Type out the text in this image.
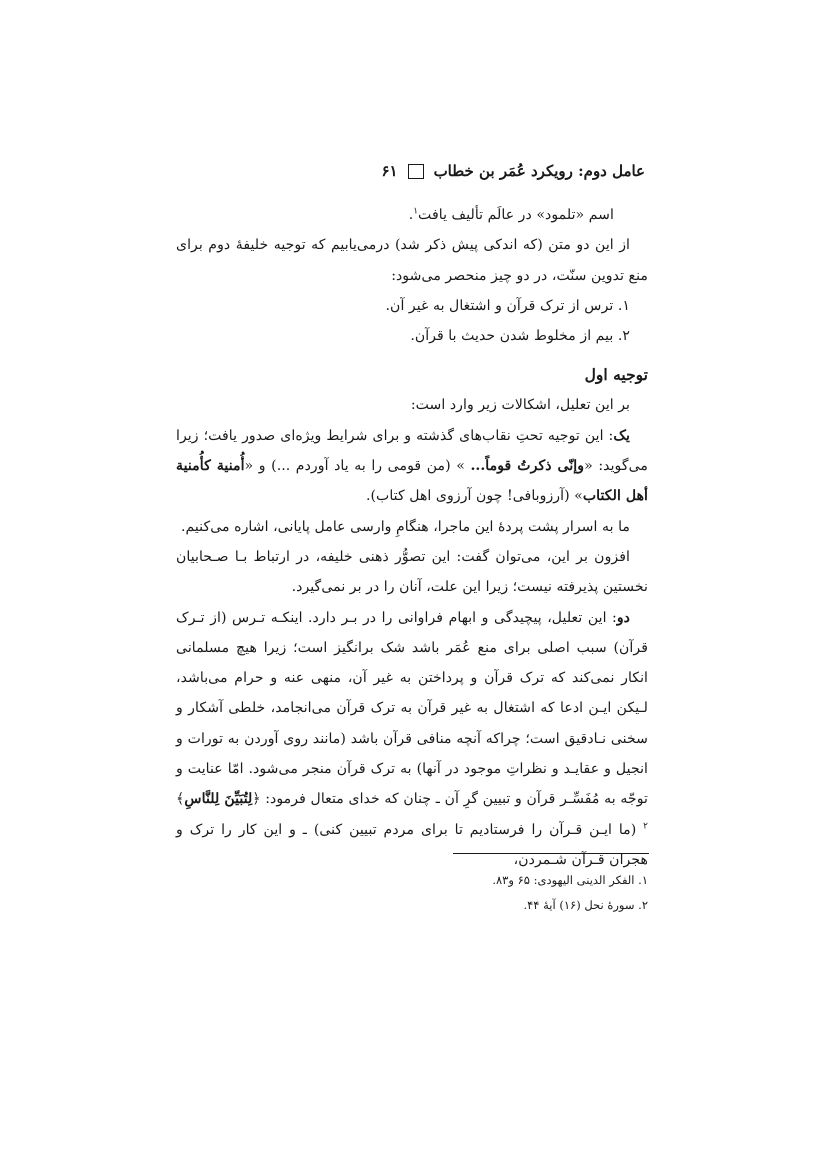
عامل دوم: رویکرد عُمَر بن خطاب
۶۱

اسم «تلمود» در عالَم تألیف یافت$^۱$.

از این دو متن (که اندکی پیش ذکر شد) درمی‌یابیم که توجیه خلیفهٔ دوم برای منع تدوین سنّت، در دو چیز منحصر می‌شود:

۱. ترس از ترک قرآن و اشتغال به غیر آن.

۲. بیم از مخلوط شدن حدیث با قرآن.

توجیه اول

بر این تعلیل، اشکالات زیر وارد است:

یک: این توجیه تحتِ نقاب‌های گذشته و برای شرایط ویژه‌ای صدور یافت؛ زیرا می‌گوید: «وإنّی ذکرتُ قوماً... » (من قومی را به یاد آوردم ...) و «أُمنیة کأُمنیة أهل الکتاب» (آرزوبافی! چون آرزوی اهل کتاب).

ما به اسرار پشت پردهٔ این ماجرا، هنگامِ وارسی عامل پایانی، اشاره می‌کنیم.

افزون بر این، می‌توان گفت: این تصوُّر ذهنی خلیفه، در ارتباط بـا صـحابیان نخستین پذیرفته نیست؛ زیرا این علت، آنان را در بر نمی‌گیرد.

دو: این تعلیل، پیچیدگی و ابهام فراوانی را در بـر دارد. اینکـه تـرس (از تـرک قرآن) سبب اصلی برای منع عُمَر باشد شک برانگیز است؛ زیرا هیچ مسلمانی انکار نمی‌کند که ترک قرآن و پرداختن به غیر آن، منهی عنه و حرام می‌باشد، لـیکن ایـن ادعا که اشتغال به غیر قرآن به ترک قرآن می‌انجامد، خلطی آشکار و سخنی نـادقیق است؛ چراکه آنچه منافی قرآن باشد (مانند روی آوردن به تورات و انجیل و عقایـد و نظراتِ موجود در آنها) به ترک قرآن منجر می‌شود. امّا عنایت و توجّه به مُفَسِّـر قرآن و تبیین گرِ آن ـ چنان که خدای متعال فرمود: ﴿لِتُبَیِّنَ لِلنَّاسِ﴾$^۲$ (ما ایـن قـرآن را فرستادیم تا برای مردم تبیین کنی) ـ و این کار را ترک و هجران قـرآن شـمردن،

۱. الفکر الدینی الیهودی: ۶۵ و۸۳.

۲. سورهٔ نحل (۱۶) آیهٔ ۴۴.
